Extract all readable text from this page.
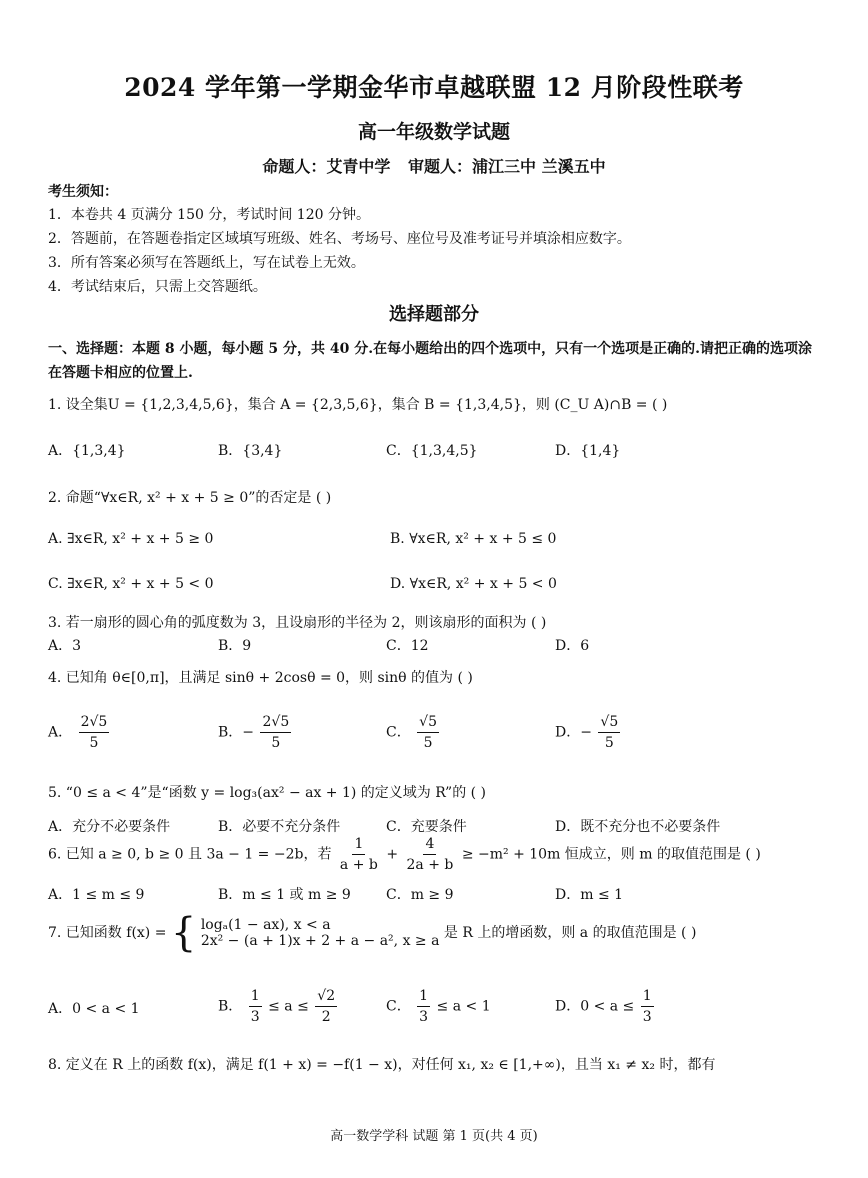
2024 学年第一学期金华市卓越联盟 12 月阶段性联考
高一年级数学试题
命题人：艾青中学 审题人：浦江三中 兰溪五中
考生须知：
1．本卷共 4 页满分 150 分，考试时间 120 分钟。
2．答题前，在答题卷指定区域填写班级、姓名、考场号、座位号及准考证号并填涂相应数字。
3．所有答案必须写在答题纸上，写在试卷上无效。
4．考试结束后，只需上交答题纸。
选择题部分
一、选择题：本题 8 小题，每小题 5 分，共 40 分.在每小题给出的四个选项中，只有一个选项是正确的.请把正确的选项涂在答题卡相应的位置上.
1. 设全集U = {1,2,3,4,5,6}，集合 A = {2,3,5,6}，集合 B = {1,3,4,5}，则 (C_U A)∩B = ( )
A．{1,3,4}	B．{3,4}	C．{1,3,4,5}	D．{1,4}
2. 命题“∀x∈R, x² + x + 5 ≥ 0”的否定是 ( )
A. ∃x∈R, x² + x + 5 ≥ 0	B. ∀x∈R, x² + x + 5 ≤ 0
C. ∃x∈R, x² + x + 5 < 0	D. ∀x∈R, x² + x + 5 < 0
3. 若一扇形的圆心角的弧度数为 3，且设扇形的半径为 2，则该扇形的面积为 ( )
A．3	B．9	C．12	D．6
4. 已知角 θ∈[0,π]，且满足 sinθ + 2cosθ = 0，则 sinθ 的值为 ( )
A． $\frac{2√5}{5}$	B．− $\frac{2√5}{5}$	C． $\frac{√5}{5}$	D．− $\frac{√5}{5}$
5. “0 ≤ a < 4”是“函数 y = log₃(ax² − ax + 1) 的定义域为 R”的 ( )
A．充分不必要条件	B．必要不充分条件	C．充要条件	D．既不充分也不必要条件
6. 已知 a ≥ 0, b ≥ 0 且 3a − 1 = −2b，若 $\frac{1}{a + b} + \frac{4}{2a + b} \ge -m^2 + 10m$ 恒成立，则 m 的取值范围是 ( )
A．1 ≤ m ≤ 9	B．m ≤ 1 或 m ≥ 9	C．m ≥ 9	D．m ≤ 1
7. 已知函数 f(x) = { logₐ(1 − ax), x < a
2x² − (a + 1)x + 2 + a − a², x ≥ a 是 R 上的增函数，则 a 的取值范围是 ( )
A．0 < a < 1	B． $\frac{1}{3} \le a \le \frac{√2}{2}$	C． $\frac{1}{3} \le a < 1$	D．$0 < a \le \frac{1}{3}$
8. 定义在 R 上的函数 f(x)，满足 f(1 + x) = −f(1 − x)，对任何 x₁, x₂ ∈ [1,+∞)，且当 x₁ ≠ x₂ 时，都有
高一数学学科 试题 第 1 页(共 4 页)
